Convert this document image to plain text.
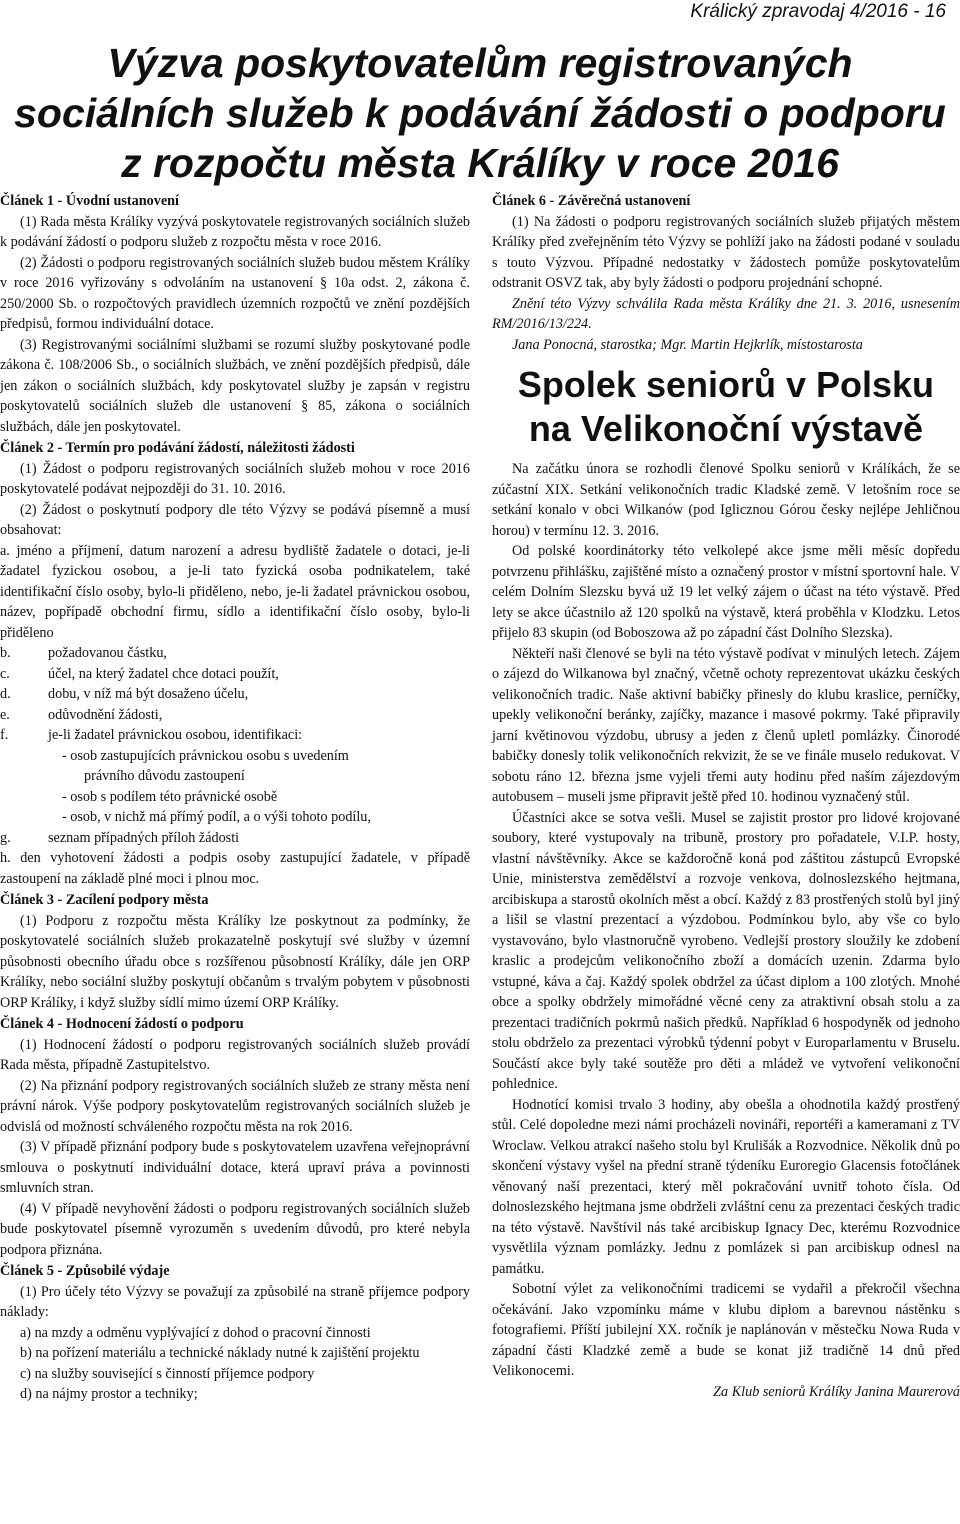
Králický zpravodaj 4/2016 - 16
Výzva poskytovatelům registrovaných
sociálních služeb k podávání žádosti o podporu
z rozpočtu města Králíky v roce 2016

Článek 1 - Úvodní ustanovení

(1) Rada města Králíky vyzývá poskytovatele registrovaných sociálních služeb k podávání žádostí o podporu služeb z rozpočtu města v roce 2016.

(2) Žádosti o podporu registrovaných sociálních služeb budou městem Králíky v roce 2016 vyřizovány s odvoláním na ustanovení § 10a odst. 2, zákona č. 250/2000 Sb. o rozpočtových pravidlech územních rozpočtů ve znění pozdějších předpisů, formou individuální dotace.

(3) Registrovanými sociálními službami se rozumí služby poskytované podle zákona č. 108/2006 Sb., o sociálních službách, ve znění pozdějších předpisů, dále jen zákon o sociálních službách, kdy poskytovatel služby je zapsán v registru poskytovatelů sociálních služeb dle ustanovení § 85, zákona o sociálních službách, dále jen poskytovatel.

Článek 2 - Termín pro podávání žádostí, náležitosti žádosti

(1) Žádost o podporu registrovaných sociálních služeb mohou v roce 2016 poskytovatelé podávat nejpozději do 31. 10. 2016.

(2) Žádost o poskytnutí podpory dle této Výzvy se podává písemně a musí obsahovat:

a. jméno a příjmení, datum narození a adresu bydliště žadatele o dotaci, je-li žadatel fyzickou osobou, a je-li tato fyzická osoba podnikatelem, také identifikační číslo osoby, bylo-li přiděleno, nebo, je-li žadatel právnickou osobou, název, popřípadě obchodní firmu, sídlo a identifikační číslo osoby, bylo-li přiděleno

b.	požadovanou částku,
c.	účel, na který žadatel chce dotaci použít,
d.	dobu, v níž má být dosaženo účelu,
e.	odůvodnění žádosti,
f.	je-li žadatel právnickou osobou, identifikaci:

- osob zastupujících právnickou osobu s uvedením

právního důvodu zastoupení

- osob s podílem této právnické osobě

- osob, v nichž má přímý podíl, a o výši tohoto podílu,

g.	seznam případných příloh žádosti

h. den vyhotovení žádosti a podpis osoby zastupující žadatele, v případě zastoupení na základě plné moci i plnou moc.

Článek 3 - Zacílení podpory města

(1) Podporu z rozpočtu města Králíky lze poskytnout za podmínky, že poskytovatelé sociálních služeb prokazatelně poskytují své služby v územní působnosti obecního úřadu obce s rozšířenou působností Králíky, dále jen ORP Králíky, nebo sociální služby poskytují občanům s trvalým pobytem v působnosti ORP Králíky, i když služby sídlí mimo území ORP Králíky.

Článek 4 - Hodnocení žádostí o podporu

(1) Hodnocení žádostí o podporu registrovaných sociálních služeb provádí Rada města, případně Zastupitelstvo.

(2) Na přiznání podpory registrovaných sociálních služeb ze strany města není právní nárok. Výše podpory poskytovatelům registrovaných sociálních služeb je odvislá od možností schváleného rozpočtu města na rok 2016.

(3) V případě přiznání podpory bude s poskytovatelem uzavřena veřejnoprávní smlouva o poskytnutí individuální dotace, která upraví práva a povinnosti smluvních stran.

(4) V případě nevyhovění žádosti o podporu registrovaných sociálních služeb bude poskytovatel písemně vyrozuměn s uvedením důvodů, pro které nebyla podpora přiznána.

Článek 5 - Způsobilé výdaje

(1) Pro účely této Výzvy se považují za způsobilé na straně příjemce podpory náklady:

a) na mzdy a odměnu vyplývající z dohod o pracovní činnosti

b) na pořízení materiálu a technické náklady nutné k zajištění projektu

c) na služby související s činností příjemce podpory

d) na nájmy prostor a techniky;

Článek 6 - Závěrečná ustanovení

(1) Na žádosti o podporu registrovaných sociálních služeb přijatých městem Králíky před zveřejněním této Výzvy se pohlíží jako na žádosti podané v souladu s touto Výzvou. Případné nedostatky v žádostech pomůže poskytovatelům odstranit OSVZ tak, aby byly žádosti o podporu projednání schopné.

Znění této Výzvy schválila Rada města Králíky dne 21. 3. 2016, usnesením RM/2016/13/224.

Jana Ponocná, starostka; Mgr. Martin Hejkrlík, místostarosta

Spolek seniorů v Polsku
na Velikonoční výstavě

Na začátku února se rozhodli členové Spolku seniorů v Králíkách, že se zúčastní XIX. Setkání velikonočních tradic Kladské země. V letošním roce se setkání konalo v obci Wilkanów (pod Iglicznou Górou česky nejlépe Jehličnou horou) v termínu 12. 3. 2016.

Od polské koordinátorky této velkolepé akce jsme měli měsíc dopředu potvrzenu přihlášku, zajištěné místo a označený prostor v místní sportovní hale. V celém Dolním Slezsku byvá už 19 let velký zájem o účast na této výstavě. Před lety se akce účastnilo až 120 spolků na výstavě, která proběhla v Klodzku. Letos přijelo 83 skupin (od Boboszowa až po západní část Dolního Slezska).

Někteří naši členové se byli na této výstavě podívat v minulých letech. Zájem o zájezd do Wilkanowa byl značný, včetně ochoty reprezentovat ukázku českých velikonočních tradic. Naše aktivní babičky přinesly do klubu kraslice, perníčky, upekly velikonoční beránky, zajíčky, mazance i masové pokrmy. Také připravily jarní květinovou výzdobu, ubrusy a jeden z členů upletl pomlázky. Činorodé babičky donesly tolik velikonočních rekvizit, že se ve finále muselo redukovat. V sobotu ráno 12. března jsme vyjeli třemi auty hodinu před naším zájezdovým autobusem – museli jsme připravit ještě před 10. hodinou vyznačený stůl.

Účastníci akce se sotva vešli. Musel se zajistit prostor pro lidové krojované soubory, které vystupovaly na tribuně, prostory pro pořadatele, V.I.P. hosty, vlastní návštěvníky. Akce se každoročně koná pod záštitou zástupců Evropské Unie, ministerstva zemědělství a rozvoje venkova, dolnoslezského hejtmana, arcibiskupa a starostů okolních měst a obcí. Každý z 83 prostřených stolů byl jiný a lišil se vlastní prezentací a výzdobou. Podmínkou bylo, aby vše co bylo vystavováno, bylo vlastnoručně vyrobeno. Vedlejší prostory sloužily ke zdobení kraslic a prodejcům velikonočního zboží a domácích uzenin. Zdarma bylo vstupné, káva a čaj. Každý spolek obdržel za účast diplom a 100 zlotých. Mnohé obce a spolky obdržely mimořádné věcné ceny za atraktivní obsah stolu a za prezentaci tradičních pokrmů našich předků. Například 6 hospodyněk od jednoho stolu obdrželo za prezentaci výrobků týdenní pobyt v Europarlamentu v Bruselu. Součástí akce byly také soutěže pro děti a mládež ve vytvoření velikonoční pohlednice.

Hodnotící komisi trvalo 3 hodiny, aby obešla a ohodnotila každý prostřený stůl. Celé dopoledne mezi námi procházeli novináři, reportéři a kameramani z TV Wroclaw. Velkou atrakcí našeho stolu byl Krulišák a Rozvodnice. Několik dnů po skončení výstavy vyšel na přední straně týdeníku Euroregio Glacensis fotočlánek věnovaný naší prezentaci, který měl pokračování uvnitř tohoto čísla. Od dolnoslezského hejtmana jsme obdrželi zvláštní cenu za prezentaci českých tradic na této výstavě. Navštívil nás také arcibiskup Ignacy Dec, kterému Rozvodnice vysvětlila význam pomlázky. Jednu z pomlázek si pan arcibiskup odnesl na památku.

Sobotní výlet za velikonočními tradicemi se vydařil a překročil všechna očekávání. Jako vzpomínku máme v klubu diplom a barevnou nástěnku s fotografiemi. Příští jubilejní XX. ročník je naplánován v městečku Nowa Ruda v západní části Kladzké země a bude se konat již tradičně 14 dnů před Velikonocemi.

Za Klub seniorů Králíky Janina Maurerová
